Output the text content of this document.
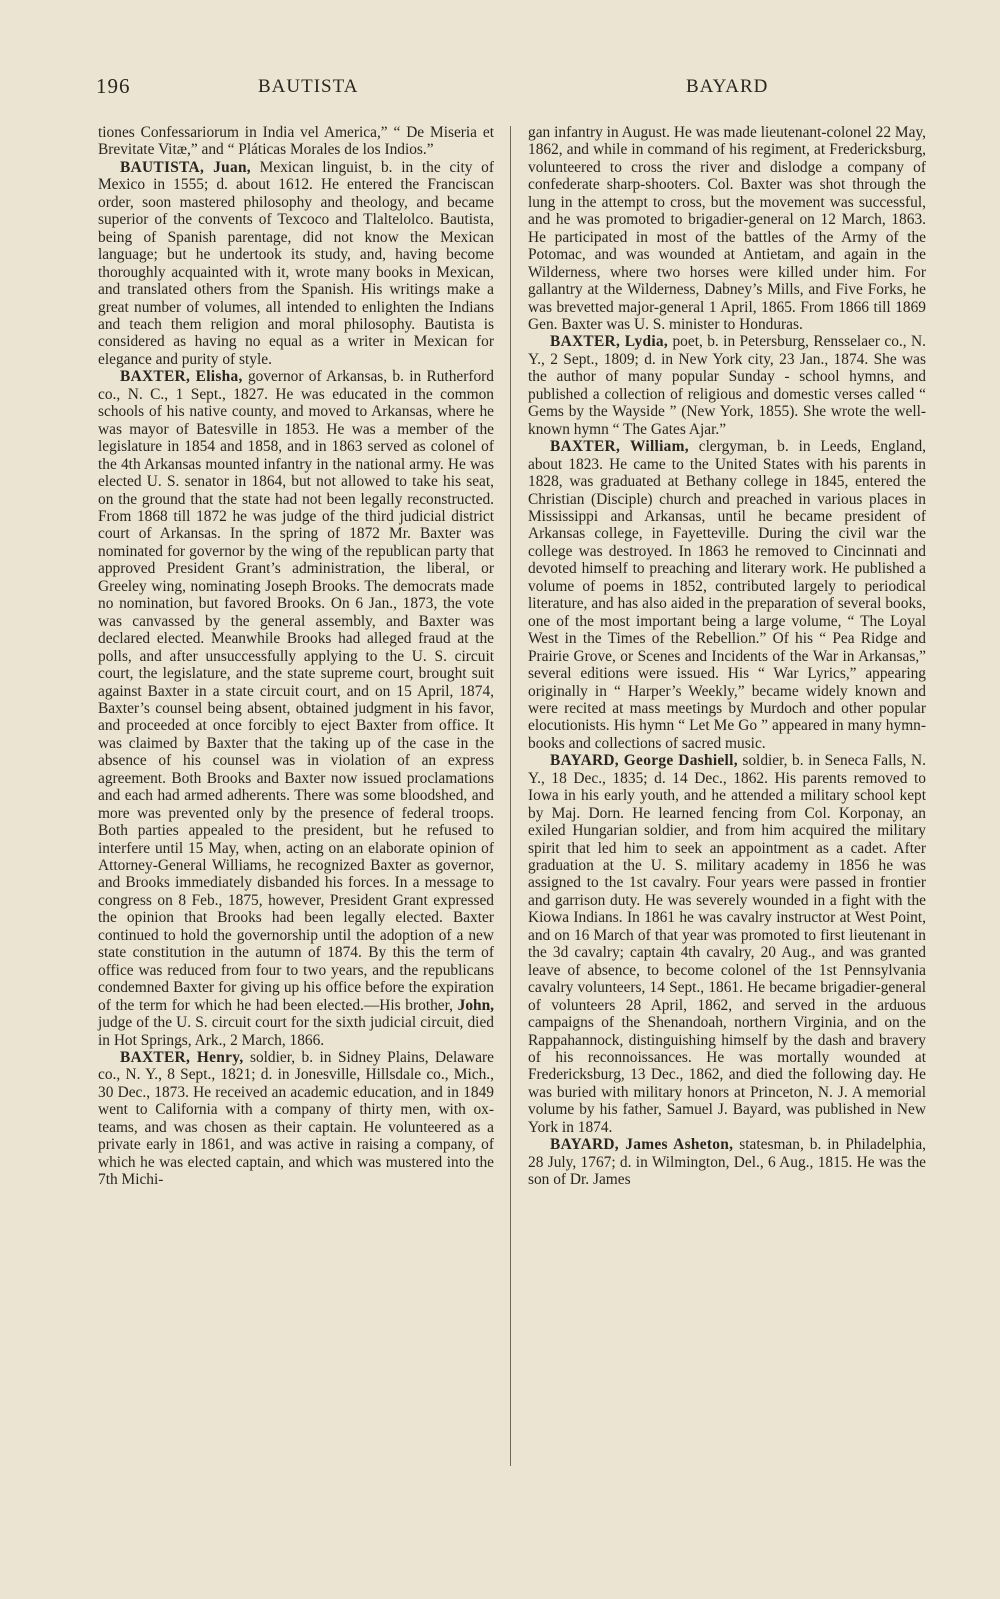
196	BAUTISTA	BAYARD

tiones Confessariorum in India vel America,” “ De Miseria et Brevitate Vitæ,” and “ Pláticas Morales de los Indios.”

BAUTISTA, Juan, Mexican linguist, b. in the city of Mexico in 1555; d. about 1612. He entered the Franciscan order, soon mastered philosophy and theology, and became superior of the convents of Texcoco and Tlaltelolco. Bautista, being of Spanish parentage, did not know the Mexican language; but he undertook its study, and, having become thoroughly acquainted with it, wrote many books in Mexican, and translated others from the Spanish. His writings make a great number of volumes, all intended to enlighten the Indians and teach them religion and moral philosophy. Bautista is considered as having no equal as a writer in Mexican for elegance and purity of style.

BAXTER, Elisha, governor of Arkansas, b. in Rutherford co., N. C., 1 Sept., 1827. He was educated in the common schools of his native county, and moved to Arkansas, where he was mayor of Batesville in 1853. He was a member of the legislature in 1854 and 1858, and in 1863 served as colonel of the 4th Arkansas mounted infantry in the national army. He was elected U. S. senator in 1864, but not allowed to take his seat, on the ground that the state had not been legally reconstructed. From 1868 till 1872 he was judge of the third judicial district court of Arkansas. In the spring of 1872 Mr. Baxter was nominated for governor by the wing of the republican party that approved President Grant’s administration, the liberal, or Greeley wing, nominating Joseph Brooks. The democrats made no nomination, but favored Brooks. On 6 Jan., 1873, the vote was canvassed by the general assembly, and Baxter was declared elected. Meanwhile Brooks had alleged fraud at the polls, and after unsuccessfully applying to the U. S. circuit court, the legislature, and the state supreme court, brought suit against Baxter in a state circuit court, and on 15 April, 1874, Baxter’s counsel being absent, obtained judgment in his favor, and proceeded at once forcibly to eject Baxter from office. It was claimed by Baxter that the taking up of the case in the absence of his counsel was in violation of an express agreement. Both Brooks and Baxter now issued proclamations and each had armed adherents. There was some bloodshed, and more was prevented only by the presence of federal troops. Both parties appealed to the president, but he refused to interfere until 15 May, when, acting on an elaborate opinion of Attorney-General Williams, he recognized Baxter as governor, and Brooks immediately disbanded his forces. In a message to congress on 8 Feb., 1875, however, President Grant expressed the opinion that Brooks had been legally elected. Baxter continued to hold the governorship until the adoption of a new state constitution in the autumn of 1874. By this the term of office was reduced from four to two years, and the republicans condemned Baxter for giving up his office before the expiration of the term for which he had been elected.—His brother, John, judge of the U. S. circuit court for the sixth judicial circuit, died in Hot Springs, Ark., 2 March, 1866.

BAXTER, Henry, soldier, b. in Sidney Plains, Delaware co., N. Y., 8 Sept., 1821; d. in Jonesville, Hillsdale co., Mich., 30 Dec., 1873. He received an academic education, and in 1849 went to California with a company of thirty men, with ox-teams, and was chosen as their captain. He volunteered as a private early in 1861, and was active in raising a company, of which he was elected captain, and which was mustered into the 7th Michi-

gan infantry in August. He was made lieutenant-colonel 22 May, 1862, and while in command of his regiment, at Fredericksburg, volunteered to cross the river and dislodge a company of confederate sharp-shooters. Col. Baxter was shot through the lung in the attempt to cross, but the movement was successful, and he was promoted to brigadier-general on 12 March, 1863. He participated in most of the battles of the Army of the Potomac, and was wounded at Antietam, and again in the Wilderness, where two horses were killed under him. For gallantry at the Wilderness, Dabney’s Mills, and Five Forks, he was brevetted major-general 1 April, 1865. From 1866 till 1869 Gen. Baxter was U. S. minister to Honduras.

BAXTER, Lydia, poet, b. in Petersburg, Rensselaer co., N. Y., 2 Sept., 1809; d. in New York city, 23 Jan., 1874. She was the author of many popular Sunday - school hymns, and published a collection of religious and domestic verses called “ Gems by the Wayside ” (New York, 1855). She wrote the well-known hymn “ The Gates Ajar.”

BAXTER, William, clergyman, b. in Leeds, England, about 1823. He came to the United States with his parents in 1828, was graduated at Bethany college in 1845, entered the Christian (Disciple) church and preached in various places in Mississippi and Arkansas, until he became president of Arkansas college, in Fayetteville. During the civil war the college was destroyed. In 1863 he removed to Cincinnati and devoted himself to preaching and literary work. He published a volume of poems in 1852, contributed largely to periodical literature, and has also aided in the preparation of several books, one of the most important being a large volume, “ The Loyal West in the Times of the Rebellion.” Of his “ Pea Ridge and Prairie Grove, or Scenes and Incidents of the War in Arkansas,” several editions were issued. His “ War Lyrics,” appearing originally in “ Harper’s Weekly,” became widely known and were recited at mass meetings by Murdoch and other popular elocutionists. His hymn “ Let Me Go ” appeared in many hymn-books and collections of sacred music.

BAYARD, George Dashiell, soldier, b. in Seneca Falls, N. Y., 18 Dec., 1835; d. 14 Dec., 1862. His parents removed to Iowa in his early youth, and he attended a military school kept by Maj. Dorn. He learned fencing from Col. Korponay, an exiled Hungarian soldier, and from him acquired the military spirit that led him to seek an appointment as a cadet. After graduation at the U. S. military academy in 1856 he was assigned to the 1st cavalry. Four years were passed in frontier and garrison duty. He was severely wounded in a fight with the Kiowa Indians. In 1861 he was cavalry instructor at West Point, and on 16 March of that year was promoted to first lieutenant in the 3d cavalry; captain 4th cavalry, 20 Aug., and was granted leave of absence, to become colonel of the 1st Pennsylvania cavalry volunteers, 14 Sept., 1861. He became brigadier-general of volunteers 28 April, 1862, and served in the arduous campaigns of the Shenandoah, northern Virginia, and on the Rappahannock, distinguishing himself by the dash and bravery of his reconnoissances. He was mortally wounded at Fredericksburg, 13 Dec., 1862, and died the following day. He was buried with military honors at Princeton, N. J. A memorial volume by his father, Samuel J. Bayard, was published in New York in 1874.

BAYARD, James Asheton, statesman, b. in Philadelphia, 28 July, 1767; d. in Wilmington, Del., 6 Aug., 1815. He was the son of Dr. James
